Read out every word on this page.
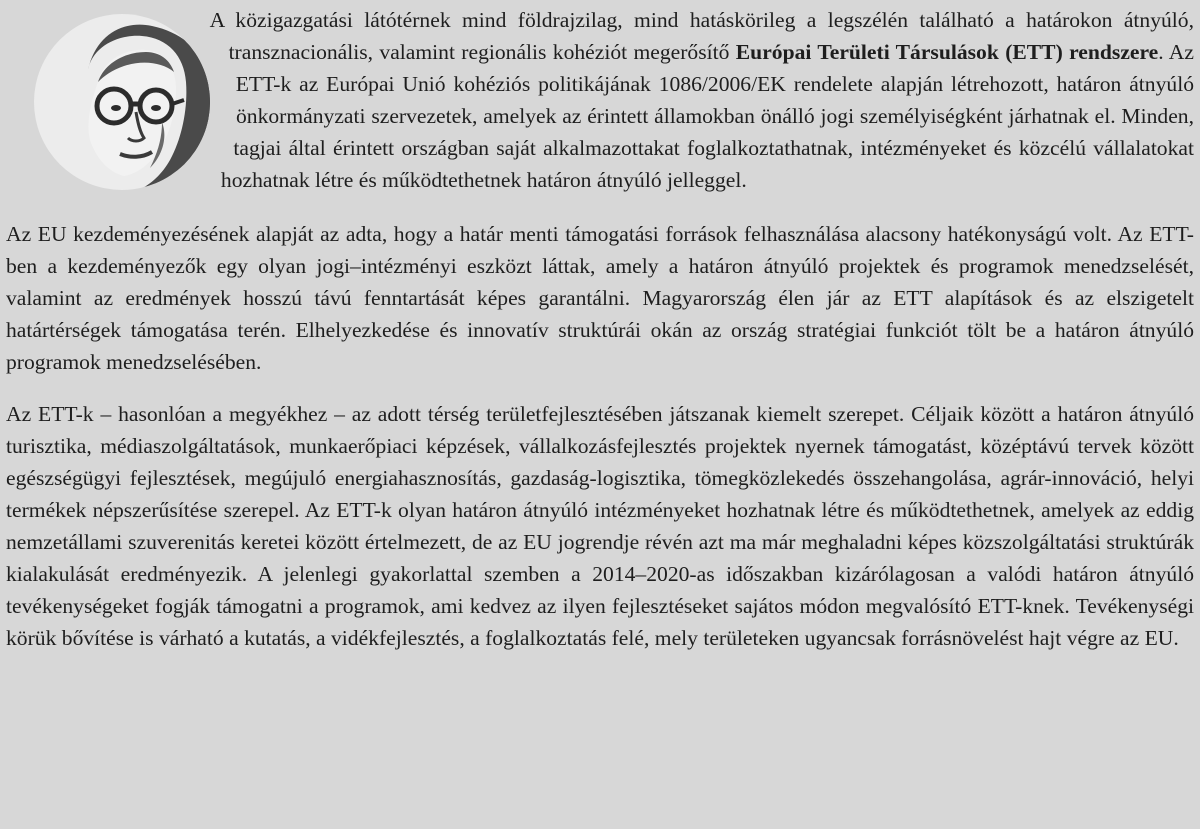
A közigazgatási látótérnek mind földrajzilag, mind hatáskörileg a legszélén található a határokon átnyúló, transznacionális, valamint regionális kohéziót megerősítő Európai Területi Társulások (ETT) rendszere. Az ETT-k az Európai Unió kohéziós politikájának 1086/2006/EK rendelete alapján létrehozott, határon átnyúló önkormányzati szervezetek, amelyek az érintett államokban önálló jogi személyiségként járhatnak el. Minden, tagjai által érintett országban saját alkalmazottakat foglalkoztathatnak, intézményeket és közcélú vállalatokat hozhatnak létre és működtethetnek határon átnyúló jelleggel.

Az EU kezdeményezésének alapját az adta, hogy a határ menti támogatási források felhasználása alacsony hatékonyságú volt. Az ETT-ben a kezdeményezők egy olyan jogi–intézményi eszközt láttak, amely a határon átnyúló projektek és programok menedzselését, valamint az eredmények hosszú távú fenntartását képes garantálni. Magyarország élen jár az ETT alapítások és az elszigetelt határtérségek támogatása terén. Elhelyezkedése és innovatív struktúrái okán az ország stratégiai funkciót tölt be a határon átnyúló programok menedzselésében.

Az ETT-k – hasonlóan a megyékhez – az adott térség területfejlesztésében játszanak kiemelt szerepet. Céljaik között a határon átnyúló turisztika, médiaszolgáltatások, munkaerőpiaci képzések, vállalkozásfejlesztés projektek nyernek támogatást, középtávú tervek között egészségügyi fejlesztések, megújuló energiahasznosítás, gazdaság-logisztika, tömegközlekedés összehangolása, agrár-innováció, helyi termékek népszerűsítése szerepel. Az ETT-k olyan határon átnyúló intézményeket hozhatnak létre és működtethetnek, amelyek az eddig nemzetállami szuverenitás keretei között értelmezett, de az EU jogrendje révén azt ma már meghaladni képes közszolgáltatási struktúrák kialakulását eredményezik. A jelenlegi gyakorlattal szemben a 2014–2020-as időszakban kizárólagosan a valódi határon átnyúló tevékenységeket fogják támogatni a programok, ami kedvez az ilyen fejlesztéseket sajátos módon megvalósító ETT-knek. Tevékenységi körük bővítése is várható a kutatás, a vidékfejlesztés, a foglalkoztatás felé, mely területeken ugyancsak forrásnövelést hajt végre az EU.
